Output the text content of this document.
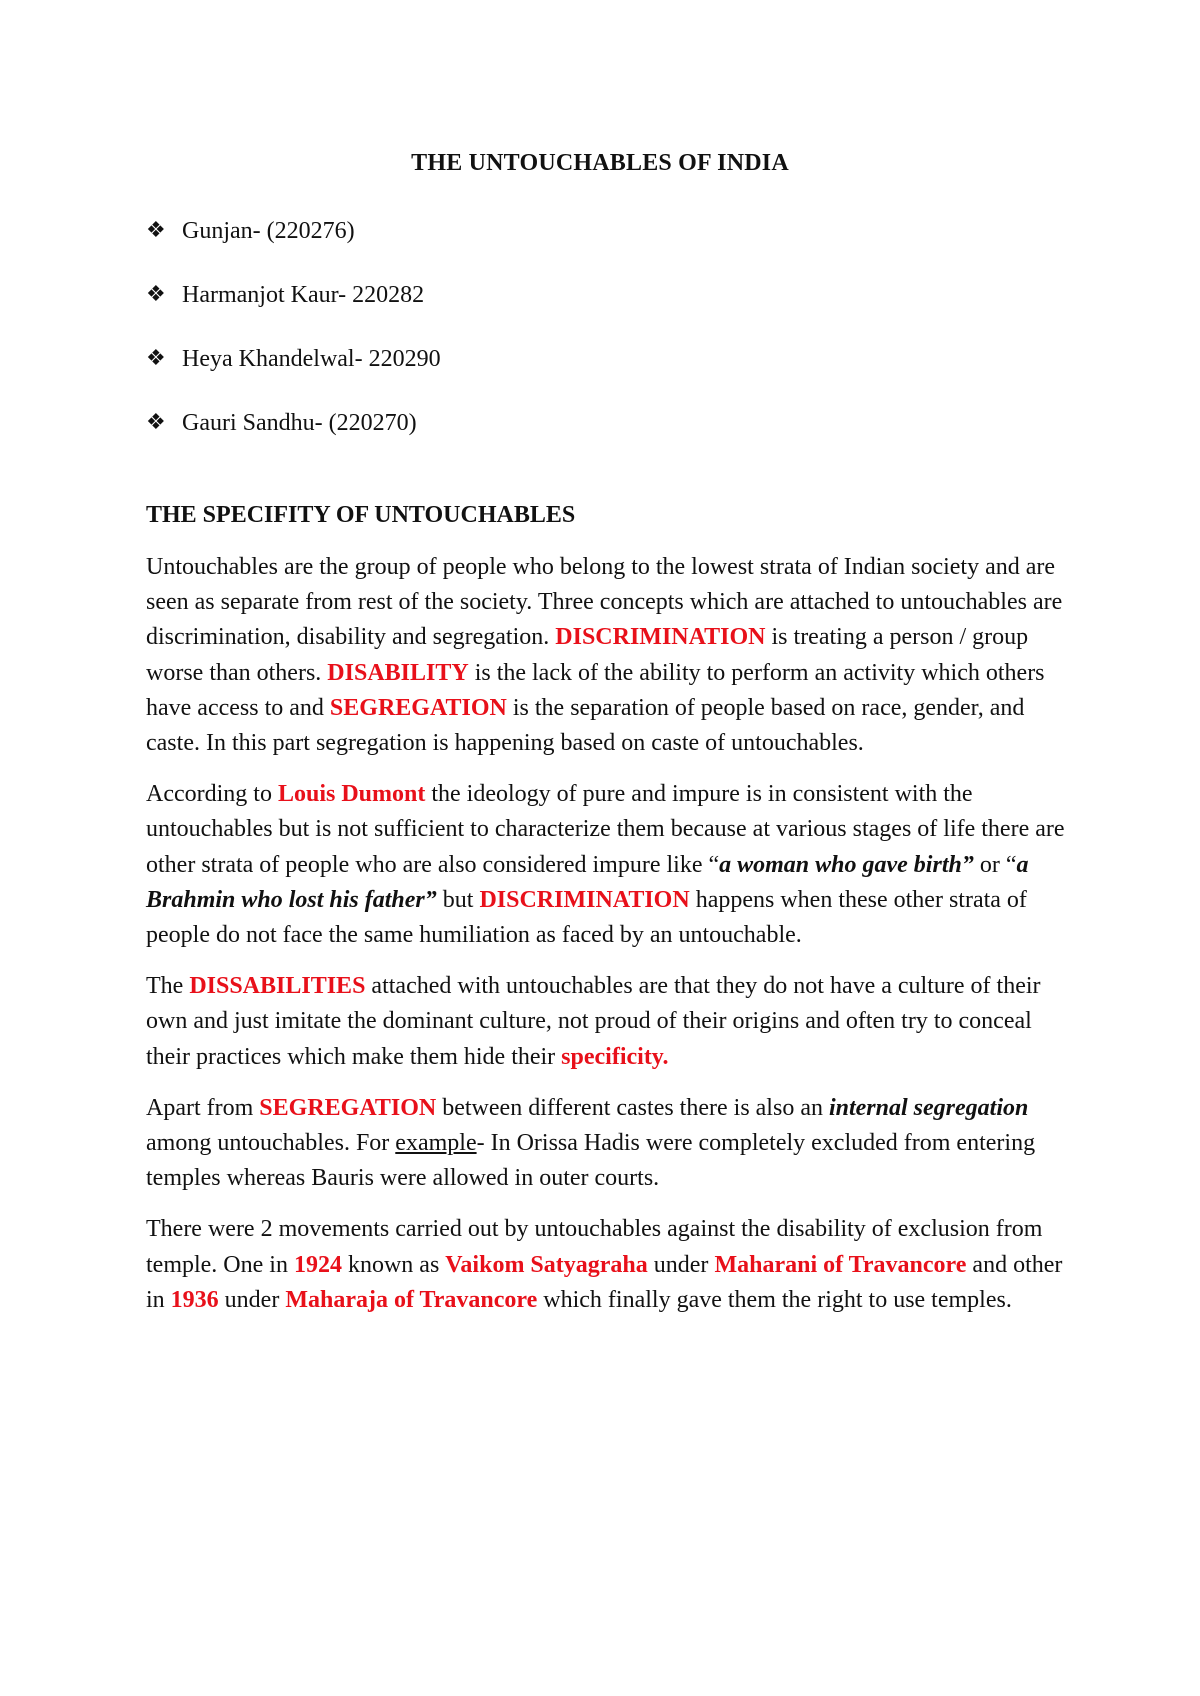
THE UNTOUCHABLES OF INDIA
❖ Gunjan- (220276)
❖ Harmanjot Kaur- 220282
❖ Heya Khandelwal- 220290
❖ Gauri Sandhu- (220270)
THE SPECIFITY OF UNTOUCHABLES

Untouchables are the group of people who belong to the lowest strata of Indian society and are seen as separate from rest of the society. Three concepts which are attached to untouchables are discrimination, disability and segregation. DISCRIMINATION is treating a person / group worse than others. DISABILITY is the lack of the ability to perform an activity which others have access to and SEGREGATION is the separation of people based on race, gender, and caste. In this part segregation is happening based on caste of untouchables.

According to Louis Dumont the ideology of pure and impure is in consistent with the untouchables but is not sufficient to characterize them because at various stages of life there are other strata of people who are also considered impure like “a woman who gave birth” or “a Brahmin who lost his father” but DISCRIMINATION happens when these other strata of people do not face the same humiliation as faced by an untouchable.

The DISSABILITIES attached with untouchables are that they do not have a culture of their own and just imitate the dominant culture, not proud of their origins and often try to conceal their practices which make them hide their specificity.

Apart from SEGREGATION between different castes there is also an internal segregation among untouchables. For example- In Orissa Hadis were completely excluded from entering temples whereas Bauris were allowed in outer courts.

There were 2 movements carried out by untouchables against the disability of exclusion from temple. One in 1924 known as Vaikom Satyagraha under Maharani of Travancore and other in 1936 under Maharaja of Travancore which finally gave them the right to use temples.
